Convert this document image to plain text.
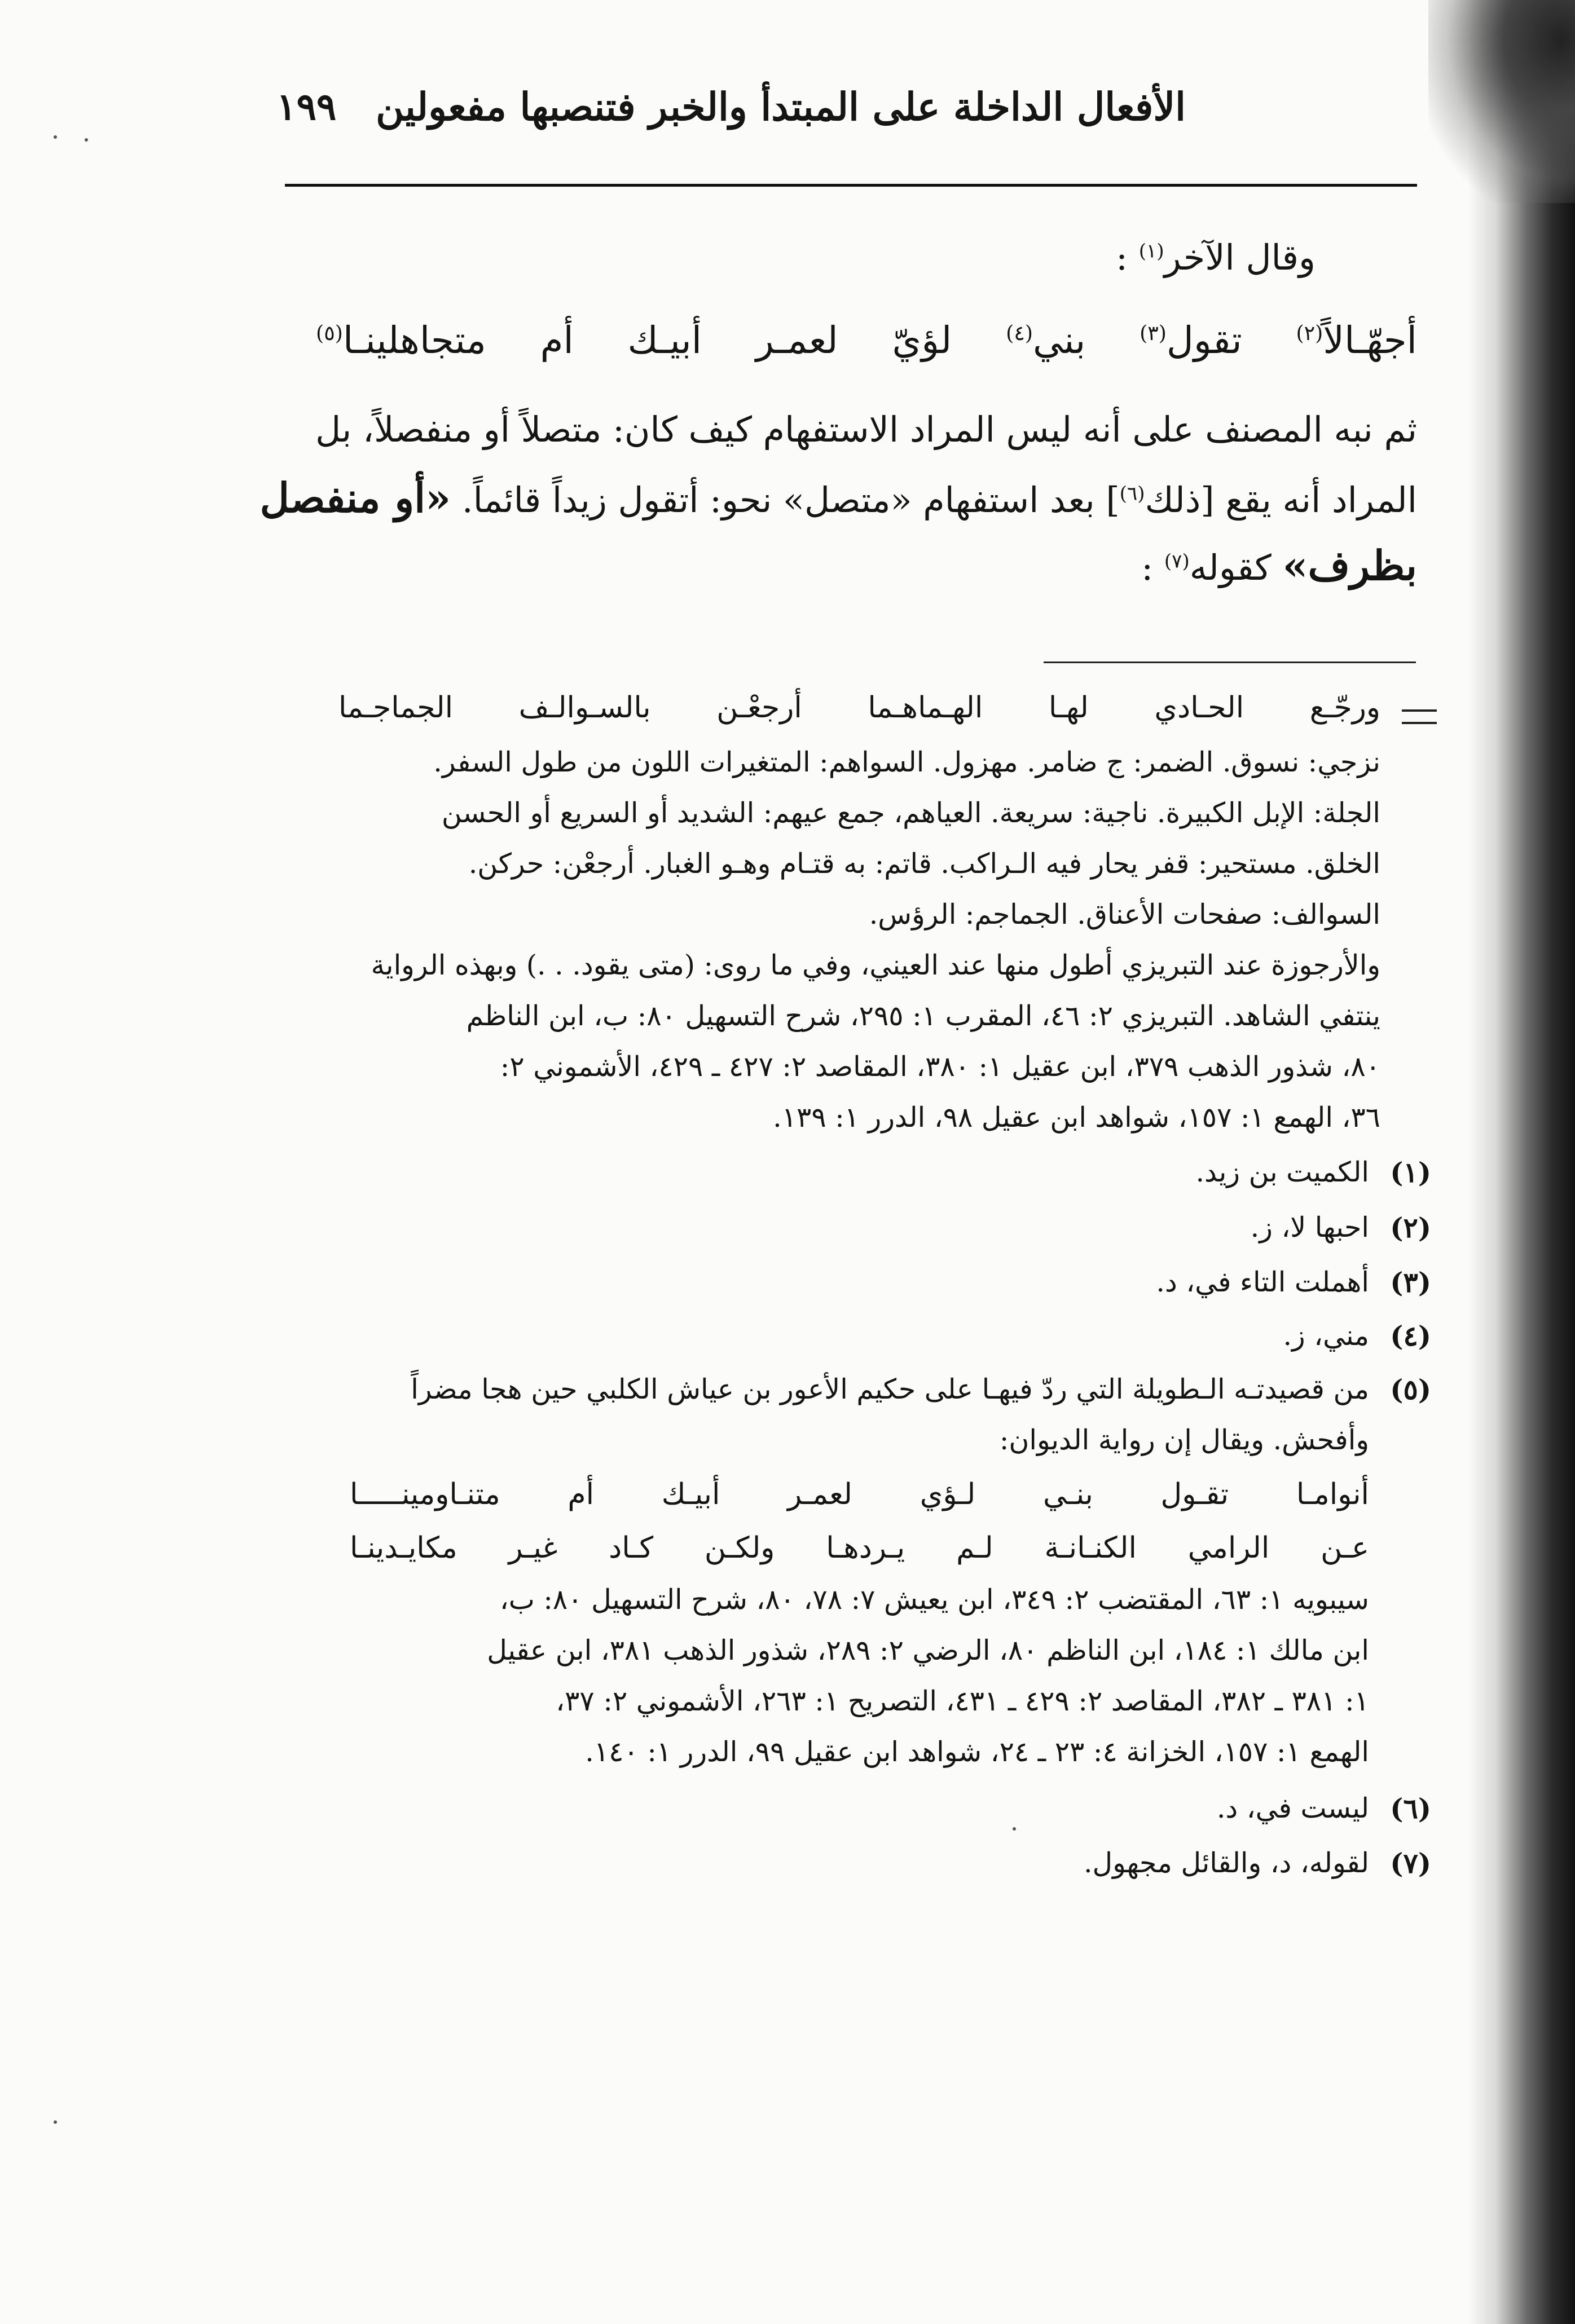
١٩٩ الأفعال الداخلة على المبتدأ والخبر فتنصبها مفعولين
وقال الآخر$^{(١)}$ :
أجهّـالاً$^{(٢)}$
تقول$^{(٣)}$
بني$^{(٤)}$
لؤيّ
لعمـر
أبيـك
أم
متجاهلينـا$^{(٥)}$
ثم نبه المصنف على أنه ليس المراد الاستفهام كيف كان: متصلاً أو منفصلاً، بل
المراد أنه يقع [ذلك$^{(٦)}$] بعد استفهام «متصل» نحو: أتقول زيداً قائماً. «أو منفصل
بظرف» كقوله$^{(٧)}$ :
ورجّـع
الحـادي
لهـا
الهـماهـما
أرجعْـن
بالسـوالـف
الجماجـما
نزجي: نسوق. الضمر: ج ضامر. مهزول. السواهم: المتغيرات اللون من طول السفر.
الجلة: الإبل الكبيرة. ناجية: سريعة. العياهم، جمع عيهم: الشديد أو السريع أو الحسن
الخلق. مستحير: قفر يحار فيه الـراكب. قاتم: به قتـام وهـو الغبار. أرجعْن: حركن.
السوالف: صفحات الأعناق. الجماجم: الرؤس.
والأرجوزة عند التبريزي أطول منها عند العيني، وفي ما روى: (متى يقود. . .) وبهذه الرواية
ينتفي الشاهد. التبريزي ٢: ٤٦، المقرب ١: ٢٩٥، شرح التسهيل ٨٠: ب، ابن الناظم
٨٠، شذور الذهب ٣٧٩، ابن عقيل ١: ٣٨٠، المقاصد ٢: ٤٢٧ ـ ٤٢٩، الأشموني ٢:
٣٦، الهمع ١: ١٥٧، شواهد ابن عقيل ٩٨، الدرر ١: ١٣٩.
(١)
الكميت بن زيد.
(٢)
احبها لا، ز.
(٣)
أهملت التاء في، د.
(٤)
مني، ز.
(٥)
من قصيدتـه الـطويلة التي ردّ فيهـا على حكيم الأعور بن عياش الكلبي حين هجا مضراً
وأفحش. ويقال إن رواية الديوان:
أنوامـا
تقـول
بنـي
لـؤي
لعمـر
أبيـك
أم
متنـاومينـــــا
عـن
الرامي
الكنـانـة
لـم
يـردهـا
ولكـن
كـاد
غيـر
مكايـدينـا
سيبويه ١: ٦٣، المقتضب ٢: ٣٤٩، ابن يعيش ٧: ٧٨، ٨٠، شرح التسهيل ٨٠: ب،
ابن مالك ١: ١٨٤، ابن الناظم ٨٠، الرضي ٢: ٢٨٩، شذور الذهب ٣٨١، ابن عقيل
١: ٣٨١ ـ ٣٨٢، المقاصد ٢: ٤٢٩ ـ ٤٣١، التصريح ١: ٢٦٣، الأشموني ٢: ٣٧،
الهمع ١: ١٥٧، الخزانة ٤: ٢٣ ـ ٢٤، شواهد ابن عقيل ٩٩، الدرر ١: ١٤٠.
(٦)
ليست في، د.
(٧)
لقوله، د، والقائل مجهول.
